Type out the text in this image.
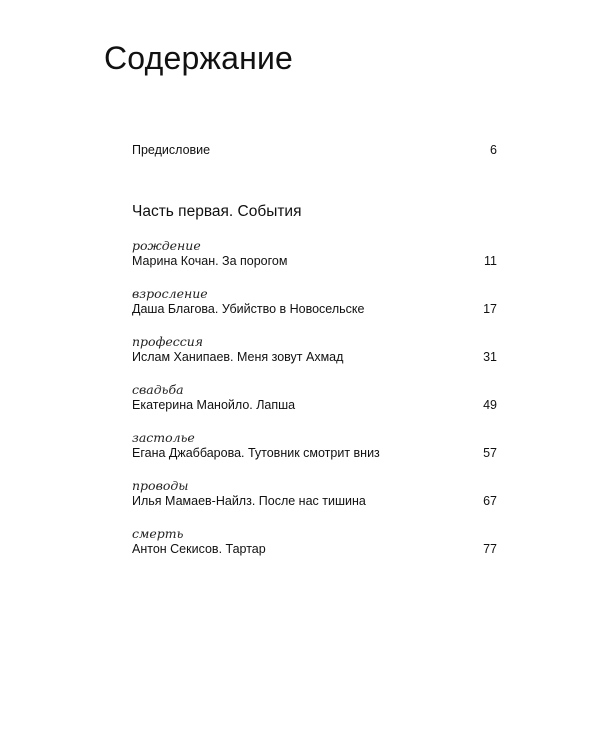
Содержание
Предисловие	6
Часть первая. События
рождение
Марина Кочан. За порогом	11
взросление
Даша Благова. Убийство в Новосельске	17
профессия
Ислам Ханипаев. Меня зовут Ахмад	31
свадьба
Екатерина Манойло. Лапша	49
застолье
Егана Джаббарова. Тутовник смотрит вниз	57
проводы
Илья Мамаев-Найлз. После нас тишина	67
смерть
Антон Секисов. Тартар	77
